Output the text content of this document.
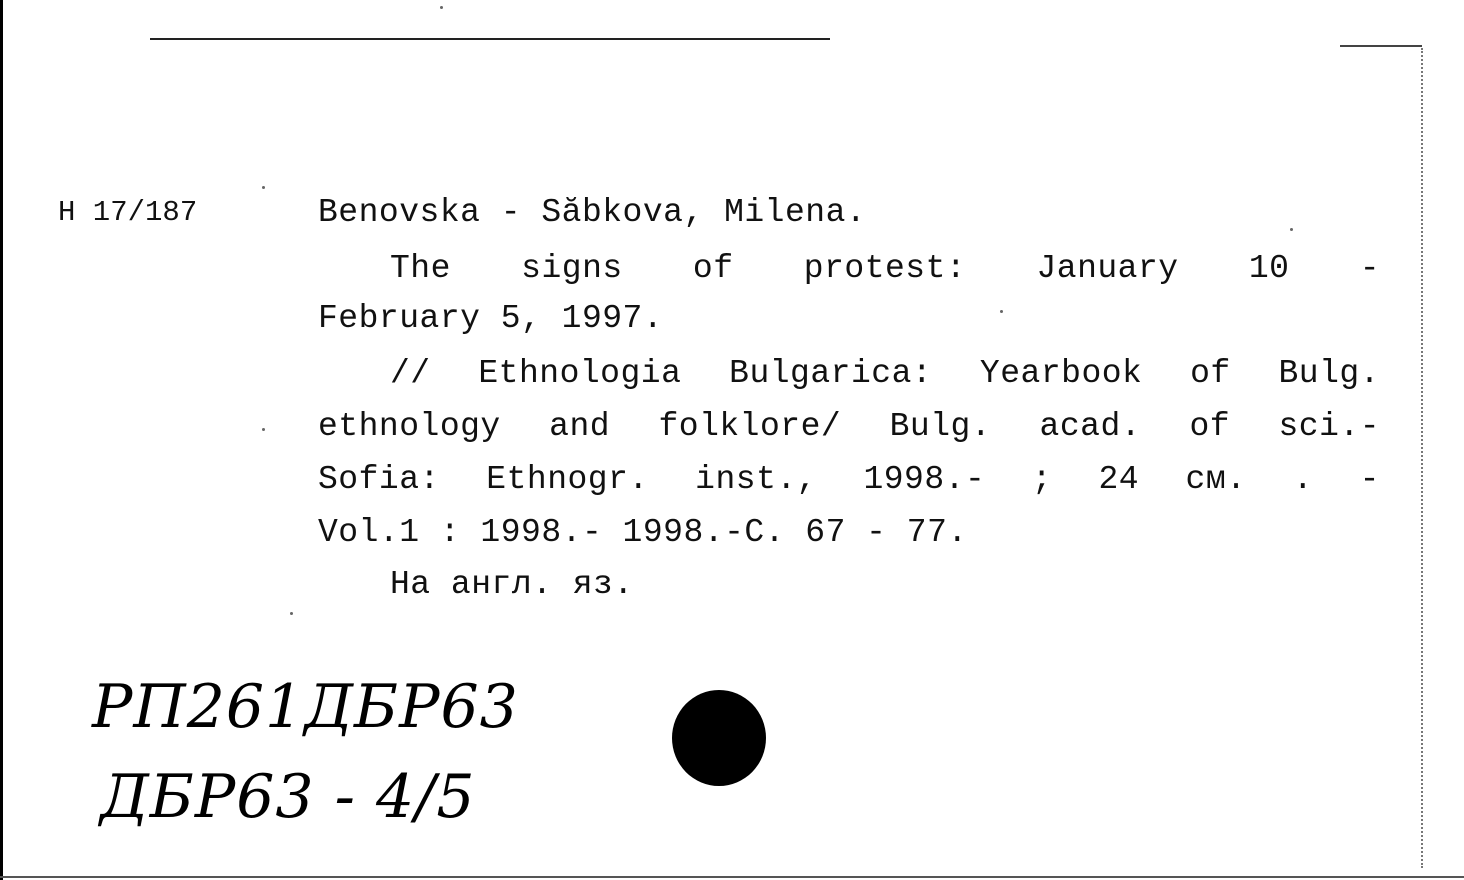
H 17/187	Benovska - Săbkova, Milena.
The signs of protest: January 10 -
February 5, 1997.
// Ethnologia Bulgarica: Yearbook of Bulg.
ethnology and folklore/ Bulg. acad. of sci.-
Sofia: Ethnogr. inst., 1998.- ; 24 см. . -
Vol.1 : 1998.- 1998.-C. 67 - 77.
На англ. яз.
РП261ДБР63
ДБР63 - 4/5
